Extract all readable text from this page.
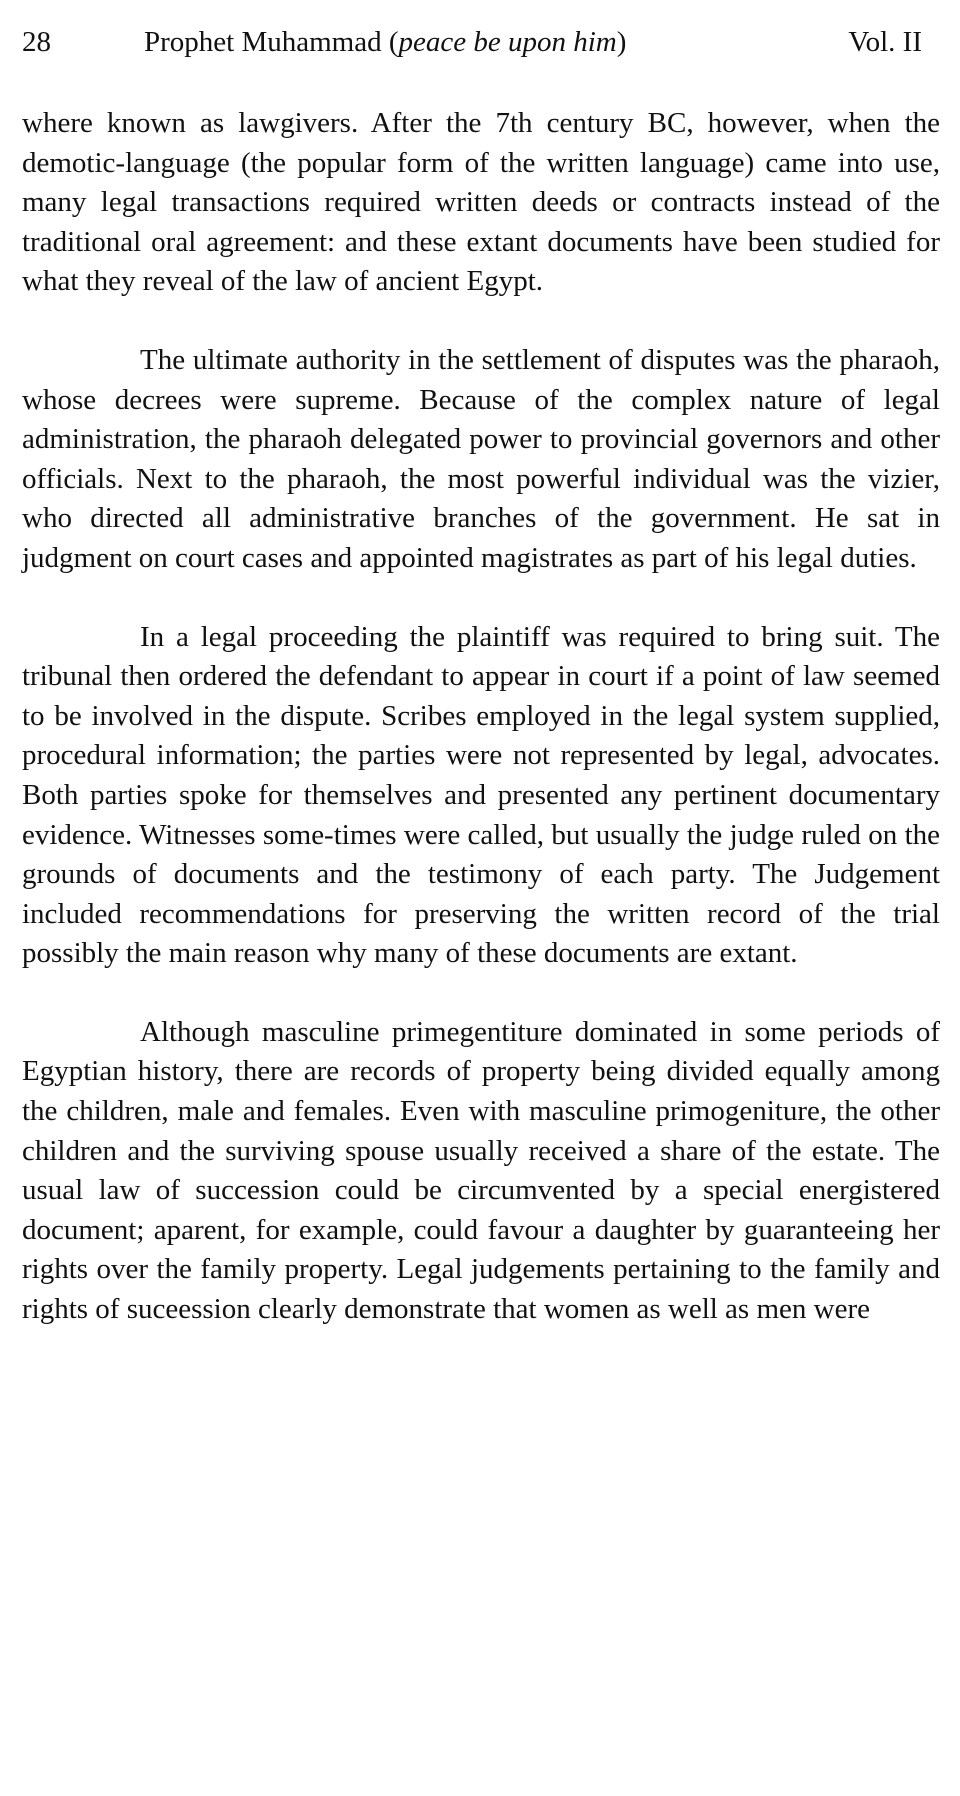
28	Prophet Muhammad (peace be upon him)	Vol. II

where known as lawgivers. After the 7th century BC, however, when the demotic-language (the popular form of the written language) came into use, many legal transactions required written deeds or contracts instead of the traditional oral agreement: and these extant documents have been studied for what they reveal of the law of ancient Egypt.

The ultimate authority in the settlement of disputes was the pharaoh, whose decrees were supreme. Because of the complex nature of legal administration, the pharaoh delegated power to provincial governors and other officials. Next to the pharaoh, the most powerful individual was the vizier, who directed all administrative branches of the government. He sat in judgment on court cases and appointed magistrates as part of his legal duties.

In a legal proceeding the plaintiff was required to bring suit. The tribunal then ordered the defendant to appear in court if a point of law seemed to be involved in the dispute. Scribes employed in the legal system supplied, procedural information; the parties were not represented by legal, advocates. Both parties spoke for themselves and presented any pertinent documentary evidence. Witnesses some-times were called, but usually the judge ruled on the grounds of documents and the testimony of each party. The Judgement included recommendations for preserving the written record of the trial possibly the main reason why many of these documents are extant.

Although masculine primegentiture dominated in some periods of Egyptian history, there are records of property being divided equally among the children, male and females. Even with masculine primogeniture, the other children and the surviving spouse usually received a share of the estate. The usual law of succession could be circumvented by a special energistered document; aparent, for example, could favour a daughter by guaranteeing her rights over the family property. Legal judgements pertaining to the family and rights of suceession clearly demonstrate that women as well as men were
